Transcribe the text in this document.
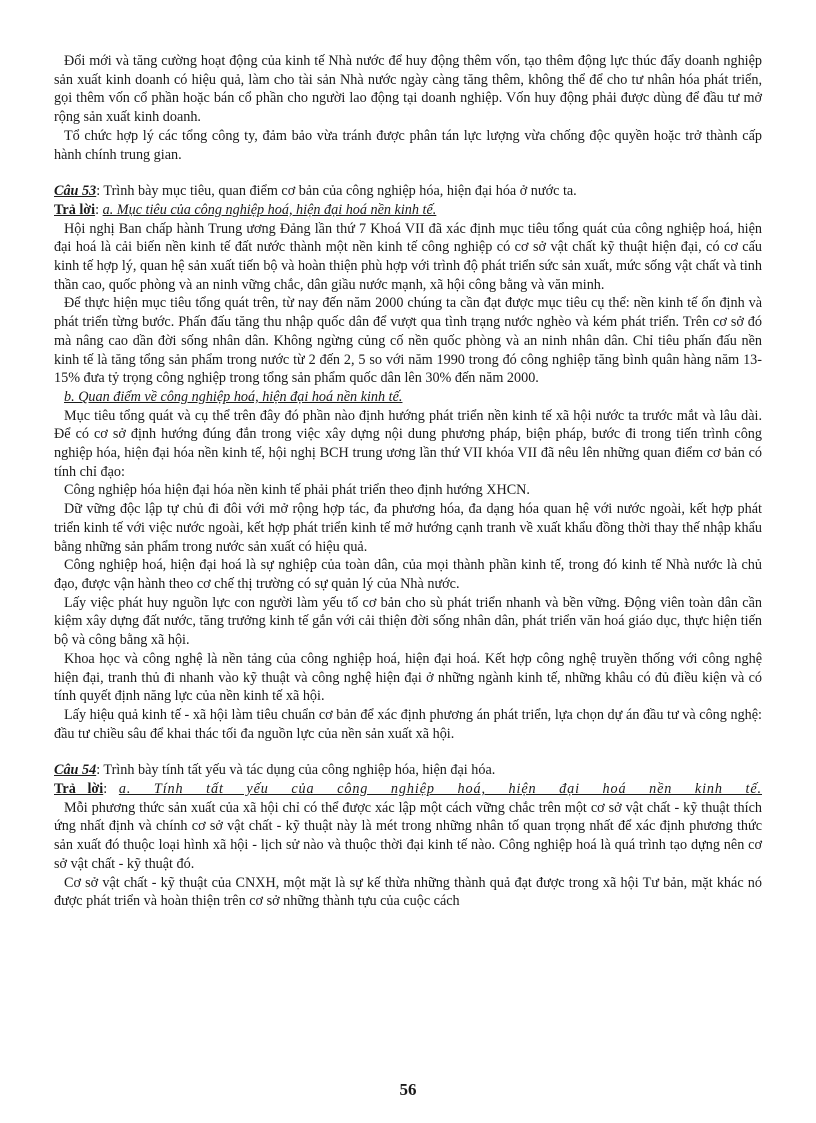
Đổi mới và tăng cường hoạt động của kinh tế Nhà nước để huy động thêm vốn, tạo thêm động lực thúc đẩy doanh nghiệp sản xuất kinh doanh có hiệu quả, làm cho tài sản Nhà nước ngày càng tăng thêm, không thể để cho tư nhân hóa phát triển, gọi thêm vốn cổ phần hoặc bán cổ phần cho người lao động tại doanh nghiệp. Vốn huy động phải được dùng để đầu tư mở rộng sản xuất kinh doanh.

Tổ chức hợp lý các tổng công ty, đảm bảo vừa tránh được phân tán lực lượng vừa chống độc quyền hoặc trở thành cấp hành chính trung gian.

Câu 53: Trình bày mục tiêu, quan điểm cơ bản của công nghiệp hóa, hiện đại hóa ở nước ta.

Trả lời: a. Mục tiêu của công nghiệp hoá, hiện đại hoá nền kinh tế.

Hội nghị Ban chấp hành Trung ương Đảng lần thứ 7 Khoá VII đã xác định mục tiêu tổng quát của công nghiệp hoá, hiện đại hoá là cải biến nền kinh tế đất nước thành một nền kinh tế công nghiệp có cơ sở vật chất kỹ thuật hiện đại, có cơ cấu kinh tế hợp lý, quan hệ sản xuất tiến bộ và hoàn thiện phù hợp với trình độ phát triển sức sản xuất, mức sống vật chất và tinh thần cao, quốc phòng và an ninh vững chắc, dân giầu nước mạnh, xã hội công bằng và văn minh.

Để thực hiện mục tiêu tổng quát trên, từ nay đến năm 2000 chúng ta cần đạt được mục tiêu cụ thể: nền kinh tế ổn định và phát triển từng bước. Phấn đấu tăng thu nhập quốc dân để vượt qua tình trạng nước nghèo và kém phát triển. Trên cơ sở đó mà nâng cao dần đời sống nhân dân. Không ngừng củng cố nền quốc phòng và an ninh nhân dân. Chỉ tiêu phấn đấu nền kinh tế là tăng tổng sản phẩm trong nước từ 2 đến 2, 5 so với năm 1990 trong đó công nghiệp tăng bình quân hàng năm 13-15% đưa tỷ trọng công nghiệp trong tổng sản phẩm quốc dân lên 30% đến năm 2000.

b. Quan điểm về công nghiệp hoá, hiện đại hoá nền kinh tế.

Mục tiêu tổng quát và cụ thể trên đây đó phần nào định hướng phát triển nền kinh tế xã hội nước ta trước mắt và lâu dài. Để có cơ sở định hướng đúng đắn trong việc xây dựng nội dung phương pháp, biện pháp, bước đi trong tiến trình công nghiệp hóa, hiện đại hóa nền kinh tế, hội nghị BCH trung ương lần thứ VII khóa VII đã nêu lên những quan điểm cơ bản có tính chỉ đạo:

Công nghiệp hóa hiện đại hóa nền kinh tế phải phát triển theo định hướng XHCN.

Dữ vững độc lập tự chủ đi đôi với mở rộng hợp tác, đa phương hóa, đa dạng hóa quan hệ với nước ngoài, kết hợp phát triển kinh tế với việc nước ngoài, kết hợp phát triển kinh tế mở hướng cạnh tranh về xuất khẩu đồng thời thay thế nhập khẩu bằng những sản phẩm trong nước sản xuất có hiệu quả.

Công nghiệp hoá, hiện đại hoá là sự nghiệp của toàn dân, của mọi thành phần kinh tế, trong đó kinh tế Nhà nước là chủ đạo, được vận hành theo cơ chế thị trường có sự quản lý của Nhà nước.

Lấy việc phát huy nguồn lực con người làm yếu tố cơ bản cho sù phát triển nhanh và bền vững. Động viên toàn dân cần kiệm xây dựng đất nước, tăng trưởng kinh tế gắn với cải thiện đời sống nhân dân, phát triển văn hoá giáo dục, thực hiện tiến bộ và công bằng xã hội.

Khoa học và công nghệ là nền tảng của công nghiệp hoá, hiện đại hoá. Kết hợp công nghệ truyền thống với công nghệ hiện đại, tranh thủ đi nhanh vào kỹ thuật và công nghệ hiện đại ở những ngành kinh tế, những khâu có đủ điều kiện và có tính quyết định năng lực của nền kinh tế xã hội.

Lấy hiệu quả kinh tế - xã hội làm tiêu chuẩn cơ bản để xác định phương án phát triển, lựa chọn dự án đầu tư và công nghệ: đầu tư chiều sâu để khai thác tối đa nguồn lực của nền sản xuất xã hội.

Câu 54: Trình bày tính tất yếu và tác dụng của công nghiệp hóa, hiện đại hóa.

Trả lời: a. Tính tất yếu của công nghiệp hoá, hiện đại hoá nền kinh tế.

Mỗi phương thức sản xuất của xã hội chỉ có thể được xác lập một cách vững chắc trên một cơ sở vật chất - kỹ thuật thích ứng nhất định và chính cơ sở vật chất - kỹ thuật này là mét trong những nhân tố quan trọng nhất để xác định phương thức sản xuất đó thuộc loại hình xã hội - lịch sử nào và thuộc thời đại kinh tế nào. Công nghiệp hoá là quá trình tạo dựng nên cơ sở vật chất - kỹ thuật đó.

Cơ sở vật chất - kỹ thuật của CNXH, một mặt là sự kế thừa những thành quả đạt được trong xã hội Tư bản, mặt khác nó được phát triển và hoàn thiện trên cơ sở những thành tựu của cuộc cách

56
